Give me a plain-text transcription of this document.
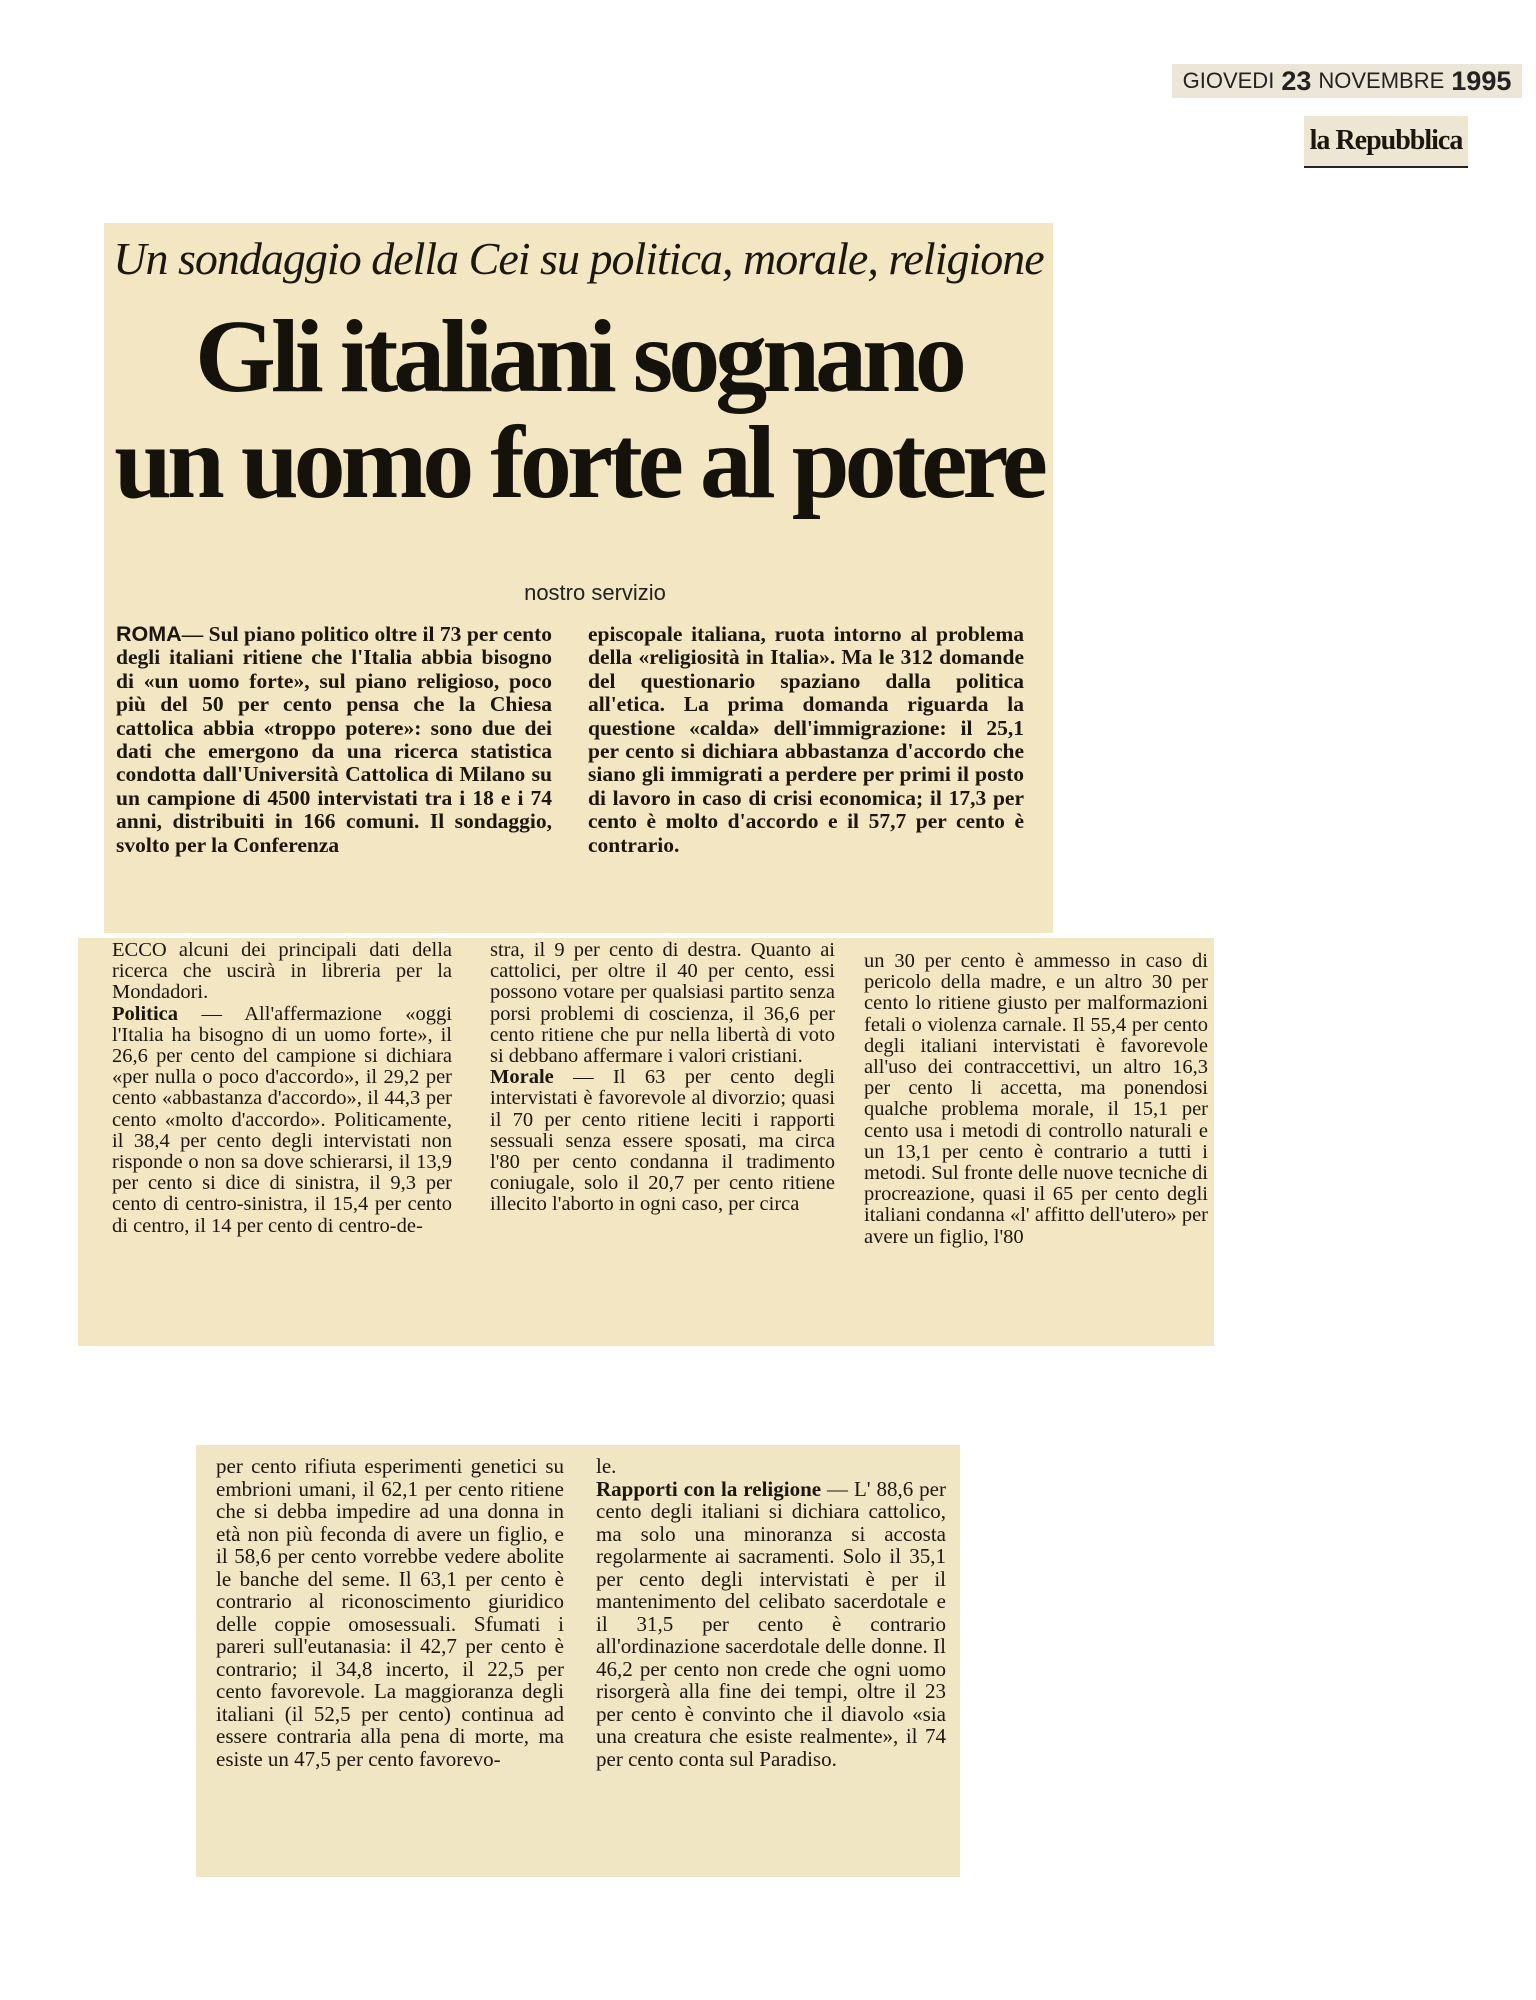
GIOVEDI 23 NOVEMBRE 1995
la Repubblica
Un sondaggio della Cei su politica, morale, religione
Gli italiani sognano
un uomo forte al potere
nostro servizio

ROMA— Sul piano politico oltre il 73 per cento degli italiani ritiene che l'Italia abbia bisogno di «un uomo forte», sul piano religioso, poco più del 50 per cento pensa che la Chiesa cattolica abbia «troppo potere»: sono due dei dati che emergono da una ricerca statistica condotta dall'Università Cattolica di Milano su un campione di 4500 intervistati tra i 18 e i 74 anni, distribuiti in 166 comuni. Il sondaggio, svolto per la Conferenza

episcopale italiana, ruota intorno al problema della «religiosità in Italia». Ma le 312 domande del questionario spaziano dalla politica all'etica. La prima domanda riguarda la questione «calda» dell'immigrazione: il 25,1 per cento si dichiara abbastanza d'accordo che siano gli immigrati a perdere per primi il posto di lavoro in caso di crisi economica; il 17,3 per cento è molto d'accordo e il 57,7 per cento è contrario.

ECCO alcuni dei principali dati della ricerca che uscirà in libreria per la Mondadori.
Politica — All'affermazione «oggi l'Italia ha bisogno di un uomo forte», il 26,6 per cento del campione si dichiara «per nulla o poco d'accordo», il 29,2 per cento «abbastanza d'accordo», il 44,3 per cento «molto d'accordo». Politicamente, il 38,4 per cento degli intervistati non risponde o non sa dove schierarsi, il 13,9 per cento si dice di sinistra, il 9,3 per cento di centro-sinistra, il 15,4 per cento di centro, il 14 per cento di centro-de-

stra, il 9 per cento di destra. Quanto ai cattolici, per oltre il 40 per cento, essi possono votare per qualsiasi partito senza porsi problemi di coscienza, il 36,6 per cento ritiene che pur nella libertà di voto si debbano affermare i valori cristiani.
Morale — Il 63 per cento degli intervistati è favorevole al divorzio; quasi il 70 per cento ritiene leciti i rapporti sessuali senza essere sposati, ma circa l'80 per cento condanna il tradimento coniugale, solo il 20,7 per cento ritiene illecito l'aborto in ogni caso, per circa

un 30 per cento è ammesso in caso di pericolo della madre, e un altro 30 per cento lo ritiene giusto per malformazioni fetali o violenza carnale. Il 55,4 per cento degli italiani intervistati è favorevole all'uso dei contraccettivi, un altro 16,3 per cento li accetta, ma ponendosi qualche problema morale, il 15,1 per cento usa i metodi di controllo naturali e un 13,1 per cento è contrario a tutti i metodi. Sul fronte delle nuove tecniche di procreazione, quasi il 65 per cento degli italiani condanna «l' affitto dell'utero» per avere un figlio, l'80

per cento rifiuta esperimenti genetici su embrioni umani, il 62,1 per cento ritiene che si debba impedire ad una donna in età non più feconda di avere un figlio, e il 58,6 per cento vorrebbe vedere abolite le banche del seme. Il 63,1 per cento è contrario al riconoscimento giuridico delle coppie omosessuali. Sfumati i pareri sull'eutanasia: il 42,7 per cento è contrario; il 34,8 incerto, il 22,5 per cento favorevole. La maggioranza degli italiani (il 52,5 per cento) continua ad essere contraria alla pena di morte, ma esiste un 47,5 per cento favorevo-

le.
Rapporti con la religione — L' 88,6 per cento degli italiani si dichiara cattolico, ma solo una minoranza si accosta regolarmente ai sacramenti. Solo il 35,1 per cento degli intervistati è per il mantenimento del celibato sacerdotale e il 31,5 per cento è contrario all'ordinazione sacerdotale delle donne. Il 46,2 per cento non crede che ogni uomo risorgerà alla fine dei tempi, oltre il 23 per cento è convinto che il diavolo «sia una creatura che esiste realmente», il 74 per cento conta sul Paradiso.
